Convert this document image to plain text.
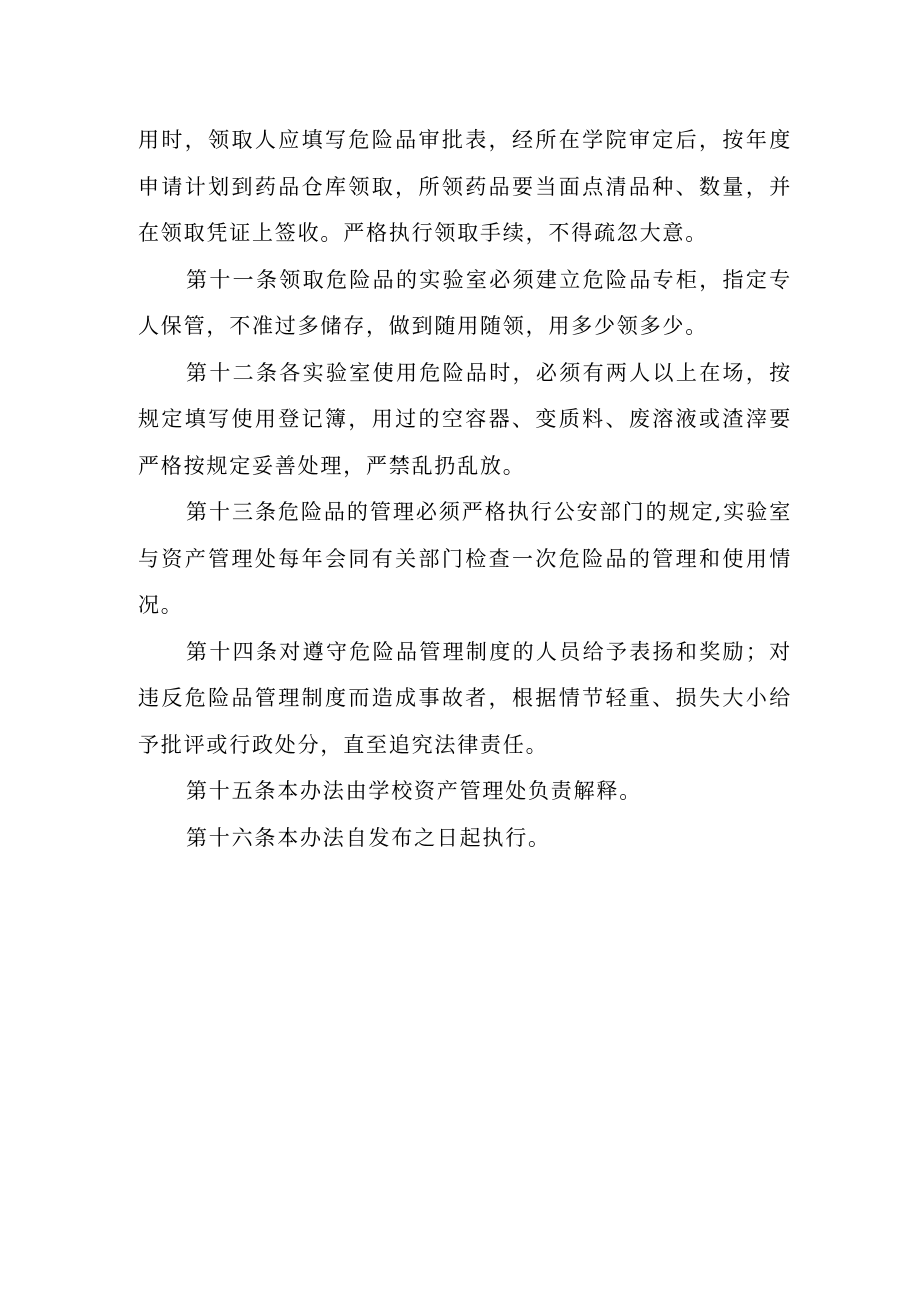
用时，领取人应填写危险品审批表，经所在学院审定后，按年度申请计划到药品仓库领取，所领药品要当面点清品种、数量，并在领取凭证上签收。严格执行领取手续，不得疏忽大意。

第十一条领取危险品的实验室必须建立危险品专柜，指定专人保管，不准过多储存，做到随用随领，用多少领多少。

第十二条各实验室使用危险品时，必须有两人以上在场，按规定填写使用登记簿，用过的空容器、变质料、废溶液或渣滓要严格按规定妥善处理，严禁乱扔乱放。

第十三条危险品的管理必须严格执行公安部门的规定,实验室与资产管理处每年会同有关部门检查一次危险品的管理和使用情况。

第十四条对遵守危险品管理制度的人员给予表扬和奖励；对违反危险品管理制度而造成事故者，根据情节轻重、损失大小给予批评或行政处分，直至追究法律责任。

第十五条本办法由学校资产管理处负责解释。

第十六条本办法自发布之日起执行。
